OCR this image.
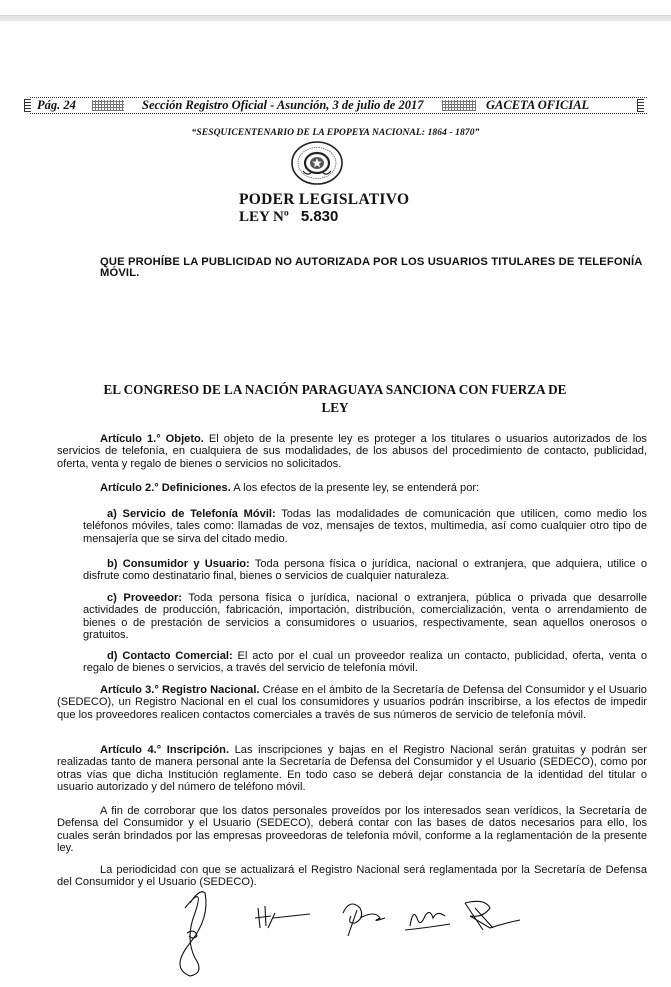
Pág. 24	Sección Registro Oficial - Asunción, 3 de julio de 2017	GACETA OFICIAL
“SESQUICENTENARIO DE LA EPOPEYA NACIONAL: 1864 - 1870”
PODER LEGISLATIVO
LEY Nº 5.830
QUE PROHÍBE LA PUBLICIDAD NO AUTORIZADA POR LOS USUARIOS TITULARES DE TELEFONÍA MÓVIL.
EL CONGRESO DE LA NACIÓN PARAGUAYA SANCIONA CON FUERZA DE
LEY
Artículo 1.° Objeto. El objeto de la presente ley es proteger a los titulares o usuarios autorizados de los servicios de telefonía, en cualquiera de sus modalidades, de los abusos del procedimiento de contacto, publicidad, oferta, venta y regalo de bienes o servicios no solicitados.
Artículo 2.° Definiciones. A los efectos de la presente ley, se entenderá por:
a) Servicio de Telefonía Móvil: Todas las modalidades de comunicación que utilicen, como medio los teléfonos móviles, tales como: llamadas de voz, mensajes de textos, multimedia, así como cualquier otro tipo de mensajería que se sirva del citado medio.
b) Consumidor y Usuario: Toda persona física o jurídica, nacional o extranjera, que adquiera, utilice o disfrute como destinatario final, bienes o servicios de cualquier naturaleza.
c) Proveedor: Toda persona física o jurídica, nacional o extranjera, pública o privada que desarrolle actividades de producción, fabricación, importación, distribución, comercialización, venta o arrendamiento de bienes o de prestación de servicios a consumidores o usuarios, respectivamente, sean aquellos onerosos o gratuitos.
d) Contacto Comercial: El acto por el cual un proveedor realiza un contacto, publicidad, oferta, venta o regalo de bienes o servicios, a través del servicio de telefonía móvil.
Artículo 3.° Registro Nacional. Créase en el ámbito de la Secretaría de Defensa del Consumidor y el Usuario (SEDECO), un Registro Nacional en el cual los consumidores y usuarios podrán inscribirse, a los efectos de impedir que los proveedores realicen contactos comerciales a través de sus números de servicio de telefonía móvil.
Artículo 4.° Inscripción. Las inscripciones y bajas en el Registro Nacional serán gratuitas y podrán ser realizadas tanto de manera personal ante la Secretaría de Defensa del Consumidor y el Usuario (SEDECO), como por otras vías que dicha Institución reglamente. En todo caso se deberá dejar constancia de la identidad del titular o usuario autorizado y del número de teléfono móvil.
A fin de corroborar que los datos personales proveídos por los interesados sean verídicos, la Secretaría de Defensa del Consumidor y el Usuario (SEDECO), deberá contar con las bases de datos necesarios para ello, los cuales serán brindados por las empresas proveedoras de telefonía móvil, conforme a la reglamentación de la presente ley.
La periodicidad con que se actualizará el Registro Nacional será reglamentada por la Secretaría de Defensa del Consumidor y el Usuario (SEDECO).
